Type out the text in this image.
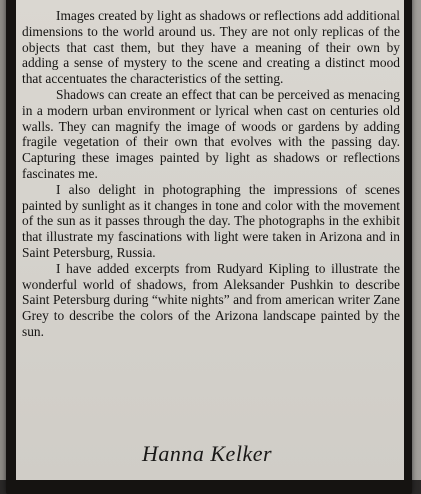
Images created by light as shadows or reflections add additional dimensions to the world around us. They are not only replicas of the objects that cast them, but they have a meaning of their own by adding a sense of mystery to the scene and creating a distinct mood that accentuates the characteristics of the setting.

Shadows can create an effect that can be perceived as menacing in a modern urban environment or lyrical when cast on centuries old walls. They can magnify the image of woods or gardens by adding fragile vegetation of their own that evolves with the passing day. Capturing these images painted by light as shadows or reflections fascinates me.

I also delight in photographing the impressions of scenes painted by sunlight as it changes in tone and color with the movement of the sun as it passes through the day. The photographs in the exhibit that illustrate my fascinations with light were taken in Arizona and in Saint Petersburg, Russia.

I have added excerpts from Rudyard Kipling to illustrate the wonderful world of shadows, from Aleksander Pushkin to describe Saint Petersburg during “white nights” and from american writer Zane Grey to describe the colors of the Arizona landscape painted by the sun.

Hanna Kelker
